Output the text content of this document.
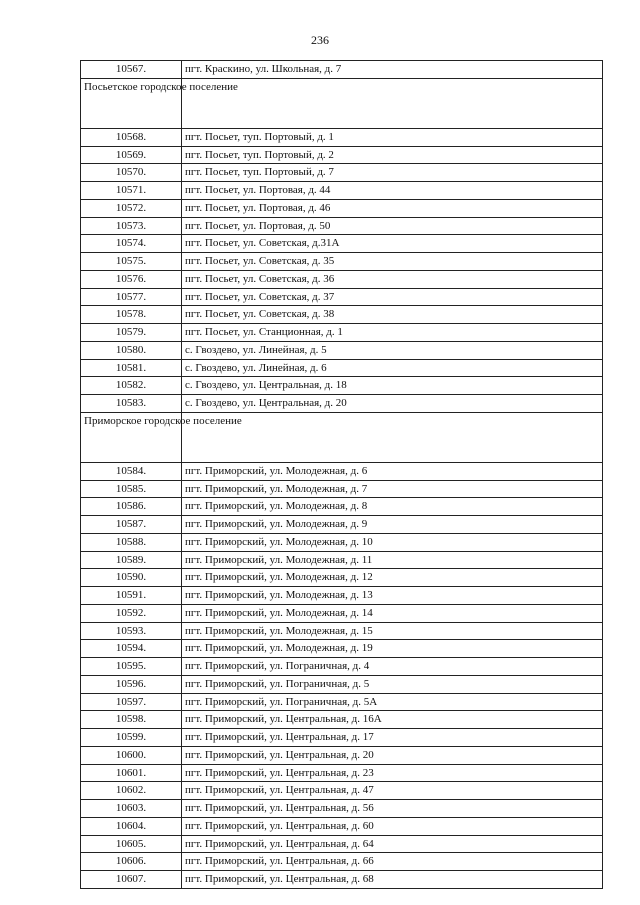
236
10567.	пгт. Краскино, ул. Школьная, д. 7
Посьетское городское поселение	
10568.	пгт. Посьет, туп. Портовый, д. 1
10569.	пгт. Посьет, туп. Портовый, д. 2
10570.	пгт. Посьет, туп. Портовый, д. 7
10571.	пгт. Посьет, ул. Портовая, д. 44
10572.	пгт. Посьет, ул. Портовая, д. 46
10573.	пгт. Посьет, ул. Портовая, д. 50
10574.	пгт. Посьет, ул. Советская, д.31А
10575.	пгт. Посьет, ул. Советская, д. 35
10576.	пгт. Посьет, ул. Советская, д. 36
10577.	пгт. Посьет, ул. Советская, д. 37
10578.	пгт. Посьет, ул. Советская, д. 38
10579.	пгт. Посьет, ул. Станционная, д. 1
10580.	с. Гвоздево, ул. Линейная, д. 5
10581.	с. Гвоздево, ул. Линейная, д. 6
10582.	с. Гвоздево, ул. Центральная, д. 18
10583.	с. Гвоздево, ул. Центральная, д. 20
Приморское городское поселение	
10584.	пгт. Приморский, ул. Молодежная, д. 6
10585.	пгт. Приморский, ул. Молодежная, д. 7
10586.	пгт. Приморский, ул. Молодежная, д. 8
10587.	пгт. Приморский, ул. Молодежная, д. 9
10588.	пгт. Приморский, ул. Молодежная, д. 10
10589.	пгт. Приморский, ул. Молодежная, д. 11
10590.	пгт. Приморский, ул. Молодежная, д. 12
10591.	пгт. Приморский, ул. Молодежная, д. 13
10592.	пгт. Приморский, ул. Молодежная, д. 14
10593.	пгт. Приморский, ул. Молодежная, д. 15
10594.	пгт. Приморский, ул. Молодежная, д. 19
10595.	пгт. Приморский, ул. Пограничная, д. 4
10596.	пгт. Приморский, ул. Пограничная, д. 5
10597.	пгт. Приморский, ул. Пограничная, д. 5А
10598.	пгт. Приморский, ул. Центральная, д. 16А
10599.	пгт. Приморский, ул. Центральная, д. 17
10600.	пгт. Приморский, ул. Центральная, д. 20
10601.	пгт. Приморский, ул. Центральная, д. 23
10602.	пгт. Приморский, ул. Центральная, д. 47
10603.	пгт. Приморский, ул. Центральная, д. 56
10604.	пгт. Приморский, ул. Центральная, д. 60
10605.	пгт. Приморский, ул. Центральная, д. 64
10606.	пгт. Приморский, ул. Центральная, д. 66
10607.	пгт. Приморский, ул. Центральная, д. 68
